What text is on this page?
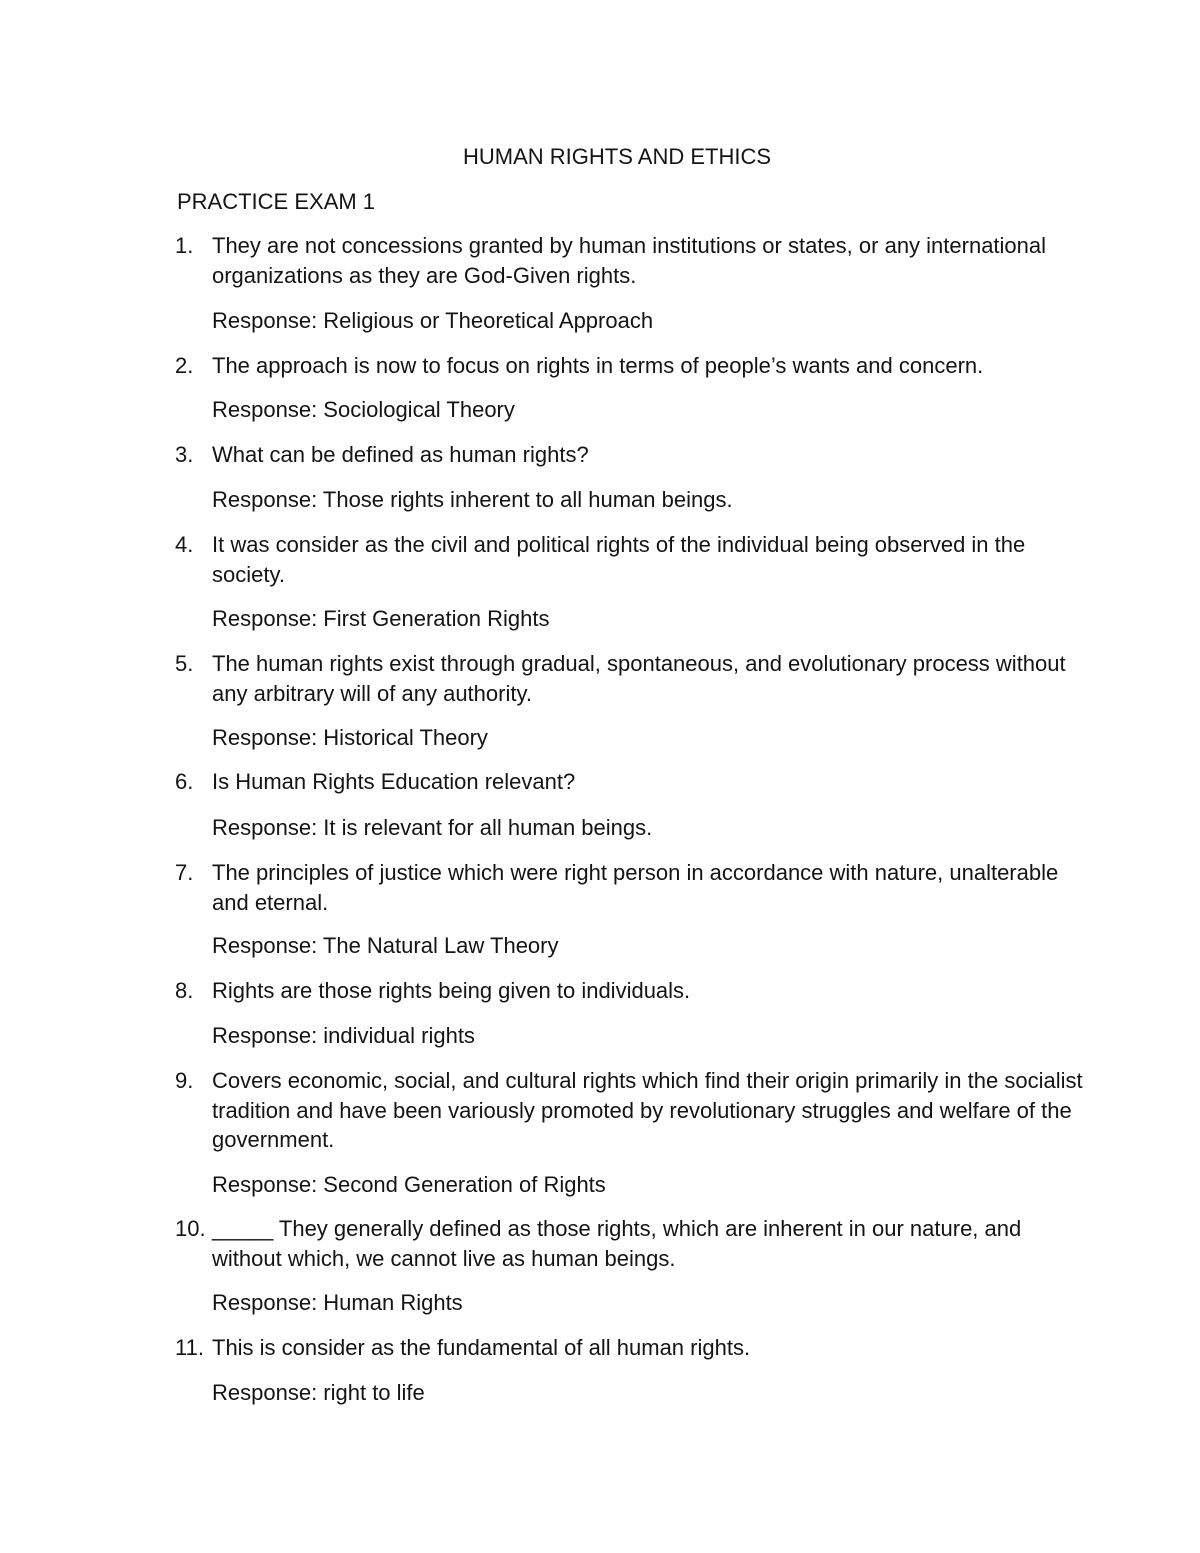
HUMAN RIGHTS AND ETHICS
PRACTICE EXAM 1
1. They are not concessions granted by human institutions or states, or any international organizations as they are God-Given rights.
Response: Religious or Theoretical Approach
2. The approach is now to focus on rights in terms of people’s wants and concern.
Response: Sociological Theory
3. What can be defined as human rights?
Response: Those rights inherent to all human beings.
4. It was consider as the civil and political rights of the individual being observed in the society.
Response: First Generation Rights
5. The human rights exist through gradual, spontaneous, and evolutionary process without any arbitrary will of any authority.
Response: Historical Theory
6. Is Human Rights Education relevant?
Response: It is relevant for all human beings.
7. The principles of justice which were right person in accordance with nature, unalterable and eternal.
Response: The Natural Law Theory
8. Rights are those rights being given to individuals.
Response: individual rights
9. Covers economic, social, and cultural rights which find their origin primarily in the socialist tradition and have been variously promoted by revolutionary struggles and welfare of the government.
Response: Second Generation of Rights
10. _____ They generally defined as those rights, which are inherent in our nature, and without which, we cannot live as human beings.
Response: Human Rights
11. This is consider as the fundamental of all human rights.
Response: right to life
